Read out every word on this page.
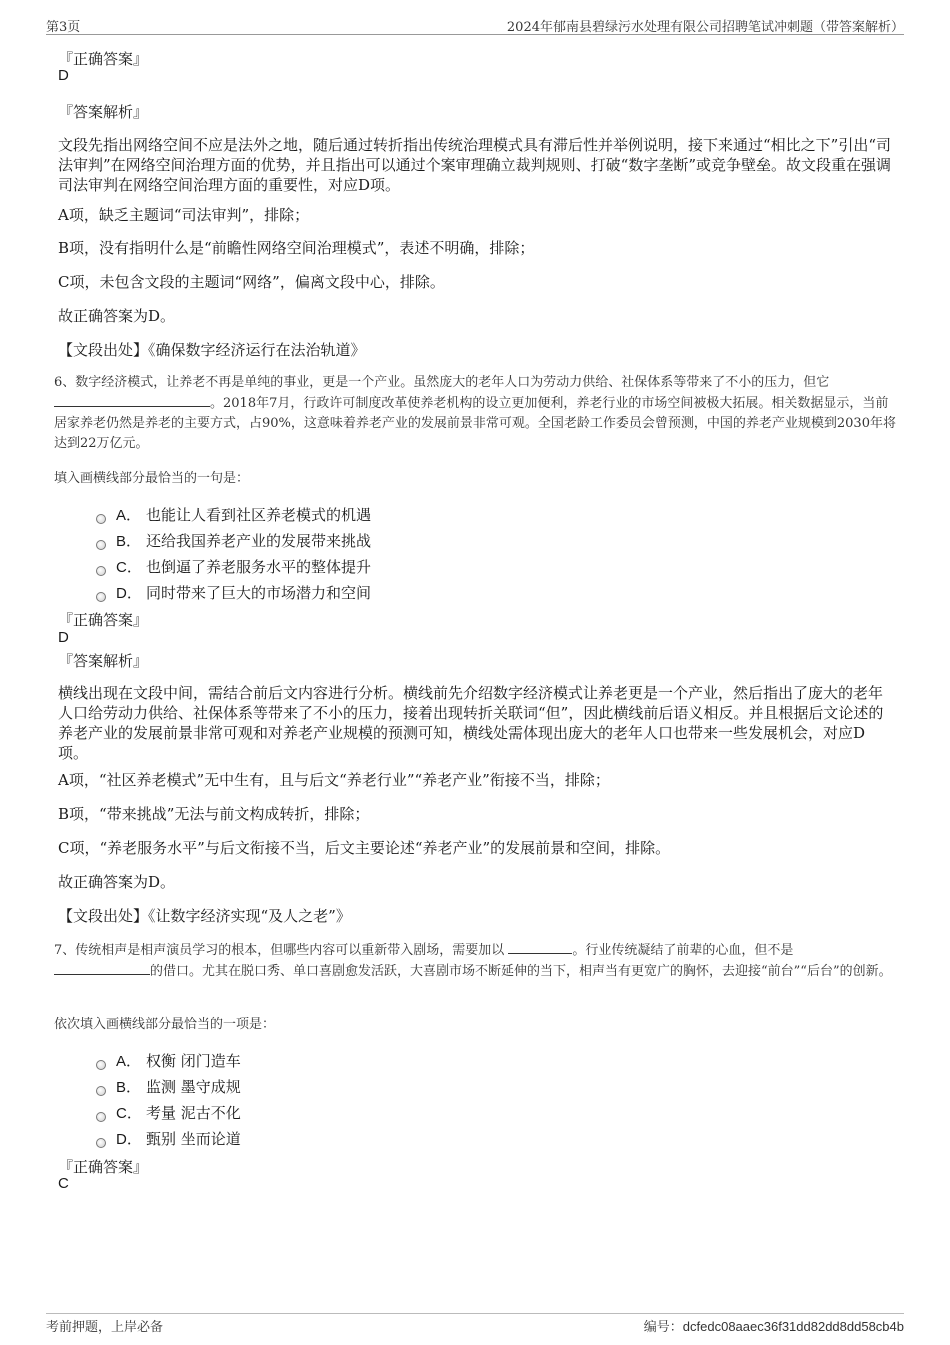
第3页	2024年郁南县碧绿污水处理有限公司招聘笔试冲刺题（带答案解析）
『正确答案』
D
『答案解析』
文段先指出网络空间不应是法外之地，随后通过转折指出传统治理模式具有滞后性并举例说明，接下来通过“相比之下”引出“司法审判”在网络空间治理方面的优势，并且指出可以通过个案审理确立裁判规则、打破“数字垄断”或竞争壁垒。故文段重在强调司法审判在网络空间治理方面的重要性，对应D项。
A项，缺乏主题词“司法审判”，排除；
B项，没有指明什么是“前瞻性网络空间治理模式”，表述不明确，排除；
C项，未包含文段的主题词“网络”，偏离文段中心，排除。
故正确答案为D。
【文段出处】《确保数字经济运行在法治轨道》
6、数字经济模式，让养老不再是单纯的事业，更是一个产业。虽然庞大的老年人口为劳动力供给、社保体系等带来了不小的压力，但它。2018年7月，行政许可制度改革使养老机构的设立更加便利，养老行业的市场空间被极大拓展。相关数据显示，当前居家养老仍然是养老的主要方式，占90%，这意味着养老产业的发展前景非常可观。全国老龄工作委员会曾预测，中国的养老产业规模到2030年将达到22万亿元。
填入画横线部分最恰当的一句是：
A． 也能让人看到社区养老模式的机遇
B． 还给我国养老产业的发展带来挑战
C． 也倒逼了养老服务水平的整体提升
D． 同时带来了巨大的市场潜力和空间
『正确答案』
D
『答案解析』
横线出现在文段中间，需结合前后文内容进行分析。横线前先介绍数字经济模式让养老更是一个产业，然后指出了庞大的老年人口给劳动力供给、社保体系等带来了不小的压力，接着出现转折关联词“但”，因此横线前后语义相反。并且根据后文论述的养老产业的发展前景非常可观和对养老产业规模的预测可知，横线处需体现出庞大的老年人口也带来一些发展机会，对应D项。
A项，“社区养老模式”无中生有，且与后文“养老行业”“养老产业”衔接不当，排除；
B项，“带来挑战”无法与前文构成转折，排除；
C项，“养老服务水平”与后文衔接不当，后文主要论述“养老产业”的发展前景和空间，排除。
故正确答案为D。
【文段出处】《让数字经济实现“及人之老”》
7、传统相声是相声演员学习的根本，但哪些内容可以重新带入剧场，需要加以	。行业传统凝结了前辈的心血，但不是
的借口。尤其在脱口秀、单口喜剧愈发活跃，大喜剧市场不断延伸的当下，相声当有更宽广的胸怀，去迎接“前台”“后台”的创新。
依次填入画横线部分最恰当的一项是：
A． 权衡 闭门造车
B． 监测 墨守成规
C． 考量 泥古不化
D． 甄别 坐而论道
『正确答案』
C
考前押题，上岸必备	编号：dcfedc08aaec36f31dd82dd8dd58cb4b
